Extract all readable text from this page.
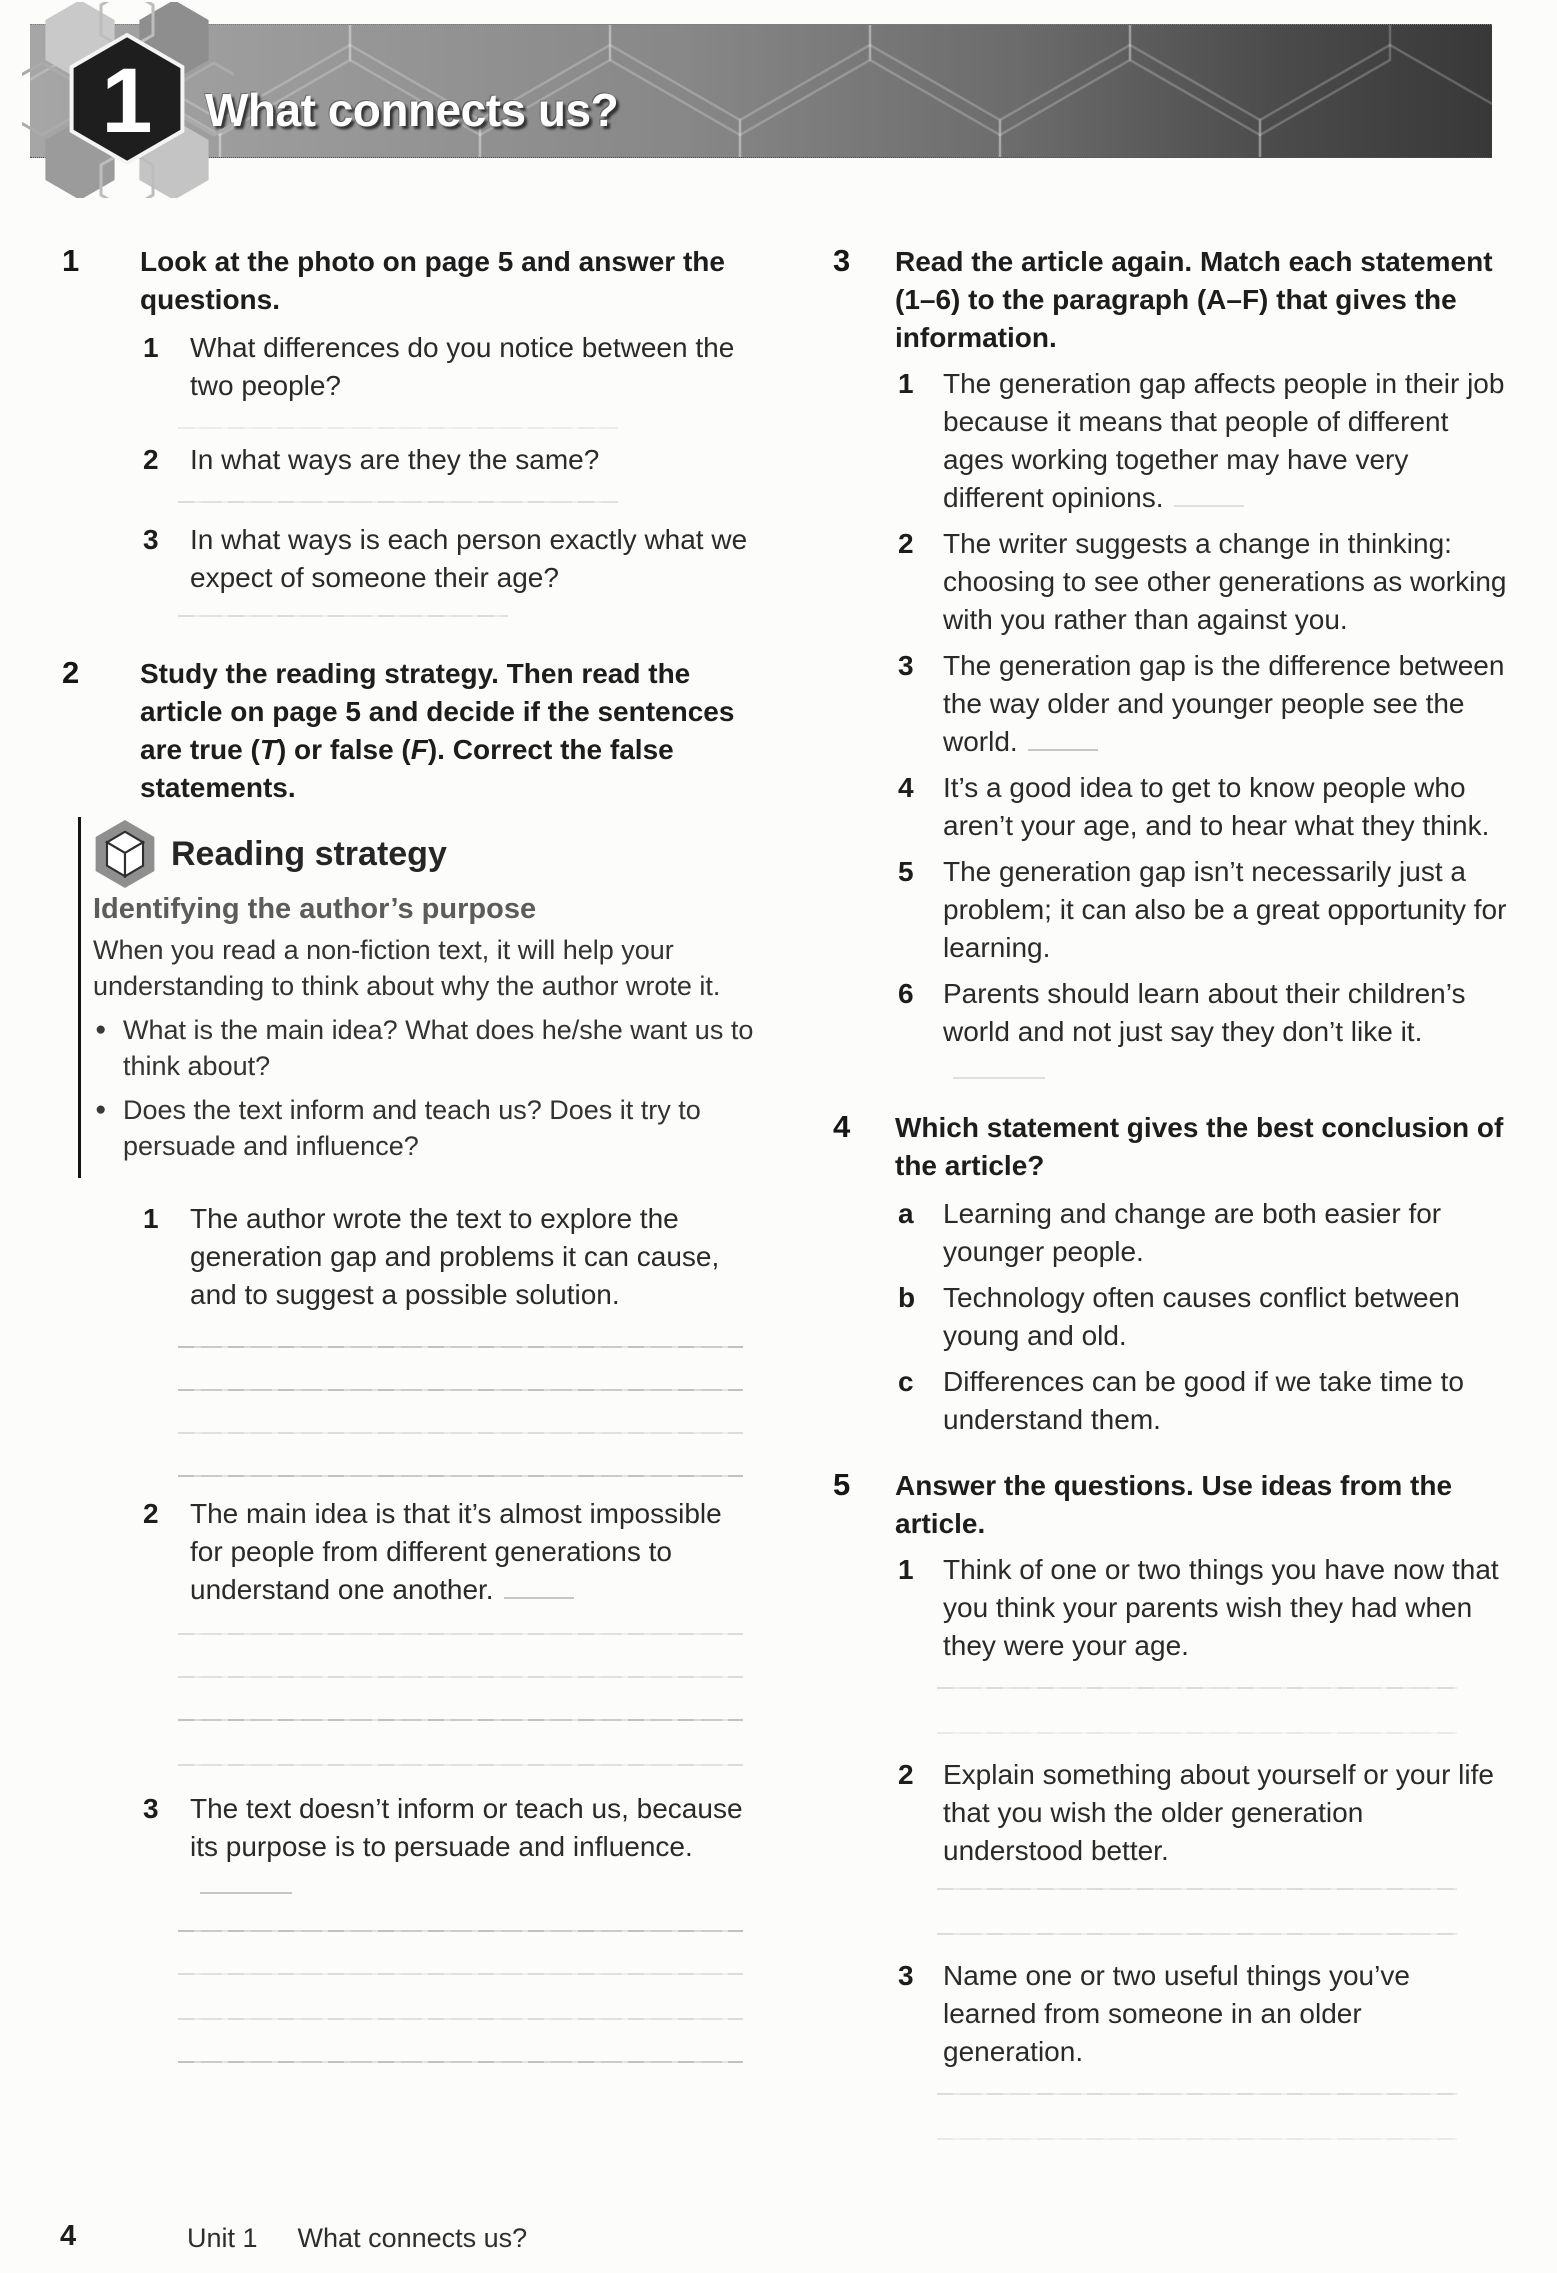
What connects us?
1
1	Look at the photo on page 5 and answer the questions.
1	What differences do you notice between the two people?
2	In what ways are they the same?
3	In what ways is each person exactly what we expect of someone their age?
2	Study the reading strategy. Then read the article on page 5 and decide if the sentences are true (T) or false (F). Correct the false statements.
Reading strategy
Identifying the author’s purpose
When you read a non-fiction text, it will help your understanding to think about why the author wrote it.
● What is the main idea? What does he/she want us to think about?
● Does the text inform and teach us? Does it try to persuade and influence?
1	The author wrote the text to explore the generation gap and problems it can cause, and to suggest a possible solution.
2	The main idea is that it’s almost impossible for people from different generations to understand one another.
3	The text doesn’t inform or teach us, because its purpose is to persuade and influence.
3	Read the article again. Match each statement (1–6) to the paragraph (A–F) that gives the information.
1	The generation gap affects people in their job because it means that people of different ages working together may have very different opinions.
2	The writer suggests a change in thinking: choosing to see other generations as working with you rather than against you.
3	The generation gap is the difference between the way older and younger people see the world.
4	It’s a good idea to get to know people who aren’t your age, and to hear what they think.
5	The generation gap isn’t necessarily just a problem; it can also be a great opportunity for learning.
6	Parents should learn about their children’s world and not just say they don’t like it.
4	Which statement gives the best conclusion of the article?
a	Learning and change are both easier for younger people.
b Technology often causes conflict between young and old.
c	Differences can be good if we take time to understand them.
5	Answer the questions. Use ideas from the article.
1	Think of one or two things you have now that you think your parents wish they had when they were your age.
2	Explain something about yourself or your life that you wish the older generation understood better.
3	Name one or two useful things you’ve learned from someone in an older generation.
4	Unit 1 What connects us?
